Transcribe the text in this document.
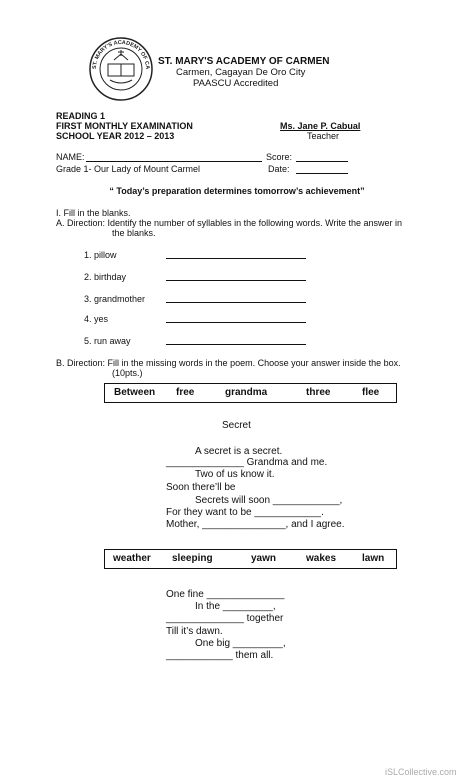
ST. MARY'S ACADEMY OF CA
ST. MARY'S ACADEMY OF CARMEN
Carmen, Cagayan De Oro City
PAASCU Accredited
READING 1
FIRST MONTHLY EXAMINATION
SCHOOL YEAR 2012 – 2013
Ms. Jane P. Cabual
Teacher
NAME:	Score:
Grade 1- Our Lady of Mount Carmel	Date:
“ Today’s preparation determines tomorrow’s achievement”
I. Fill in the blanks.
A. Direction: Identify the number of syllables in the following words. Write the answer in
the blanks.
1. pillow
2. birthday
3. grandmother
4. yes
5. run away
B. Direction: Fill in the missing words in the poem. Choose your answer inside the box.
(10pts.)
Between free	grandma	three	flee
Secret
A secret is a secret.
______________ Grandma and me.
Two of us know it.
Soon there’ll be
Secrets will soon ____________,
For they want to be ____________.
Mother, _______________, and I agree.
weather sleeping	yawn	wakes	lawn
One fine ______________
In the _________,
______________ together
Till it’s dawn.
One big _________,
____________ them all.
iSLCollective.com
